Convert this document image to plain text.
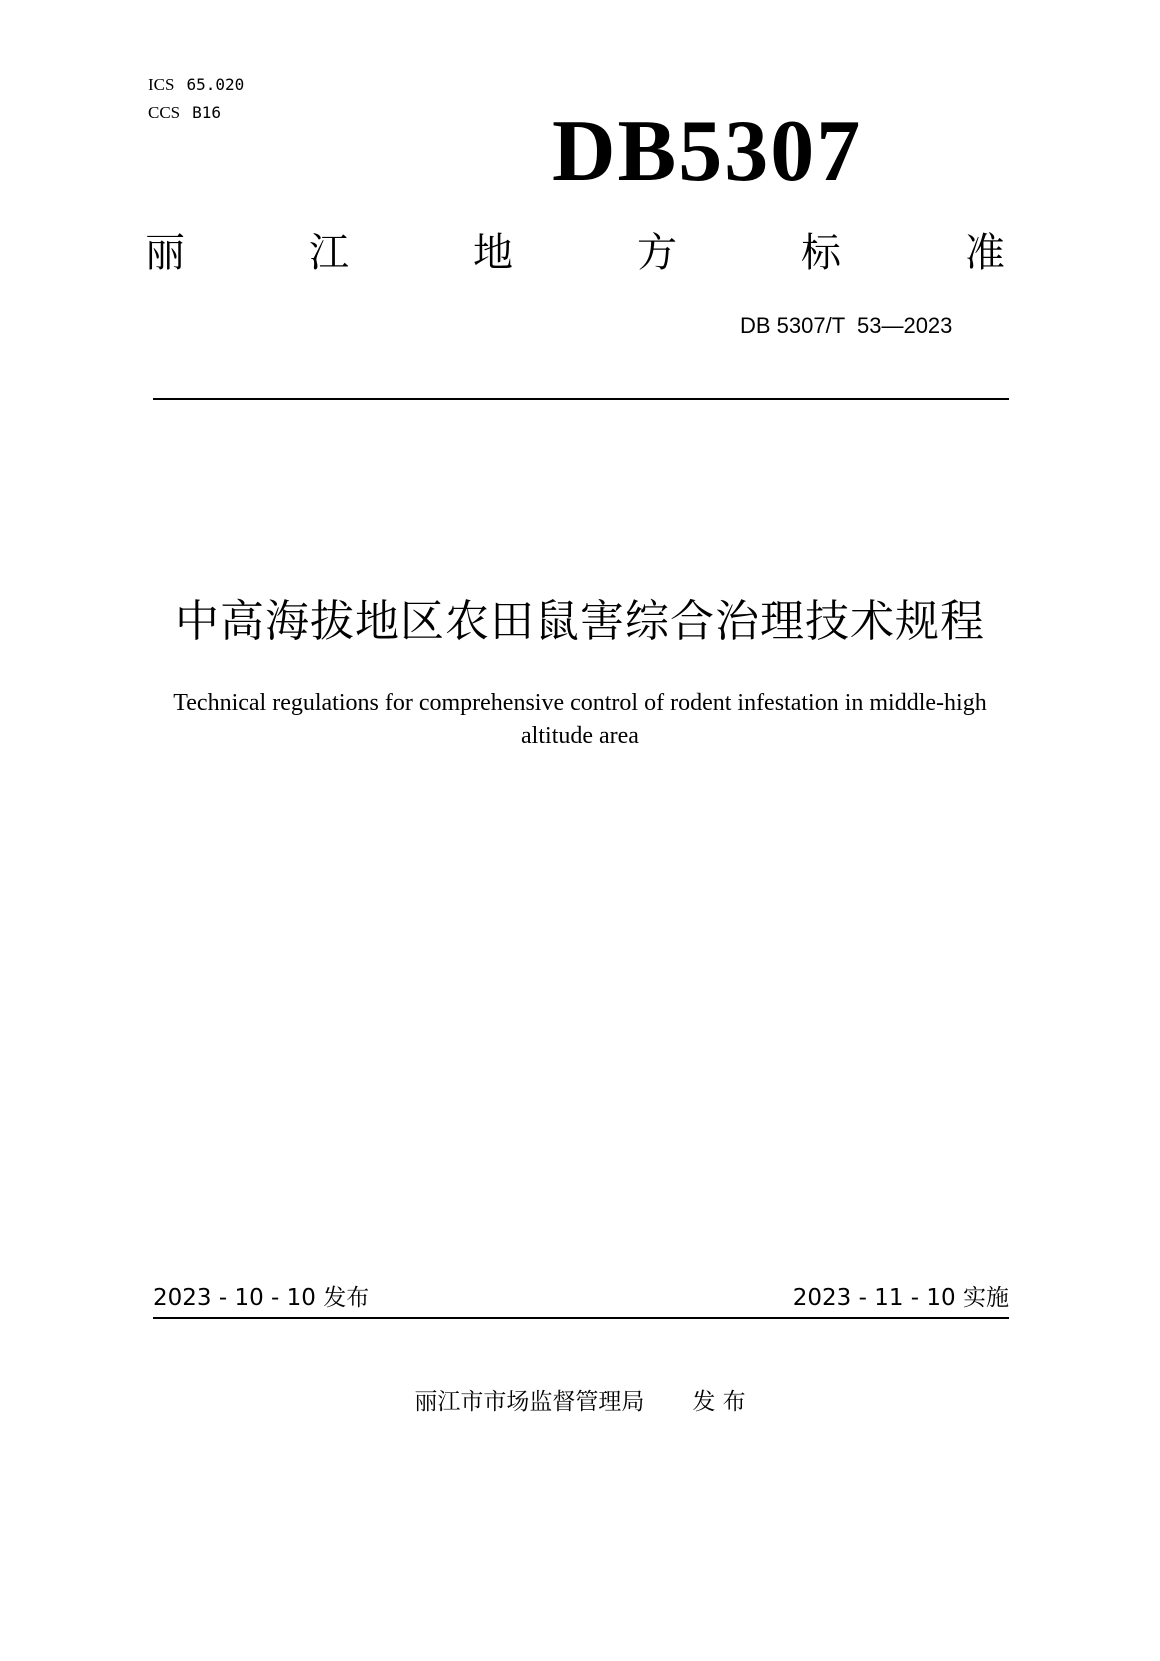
ICS 65.020
CCS B16	DB5307
丽	江	地	方	标	准
DB 5307/T  53—2023
中高海拔地区农田鼠害综合治理技术规程
Technical regulations for comprehensive control of rodent infestation in middle-high
altitude area
2023 - 10 - 10 发布	2023 - 11 - 10 实施
丽江市市场监督管理局 发 布
